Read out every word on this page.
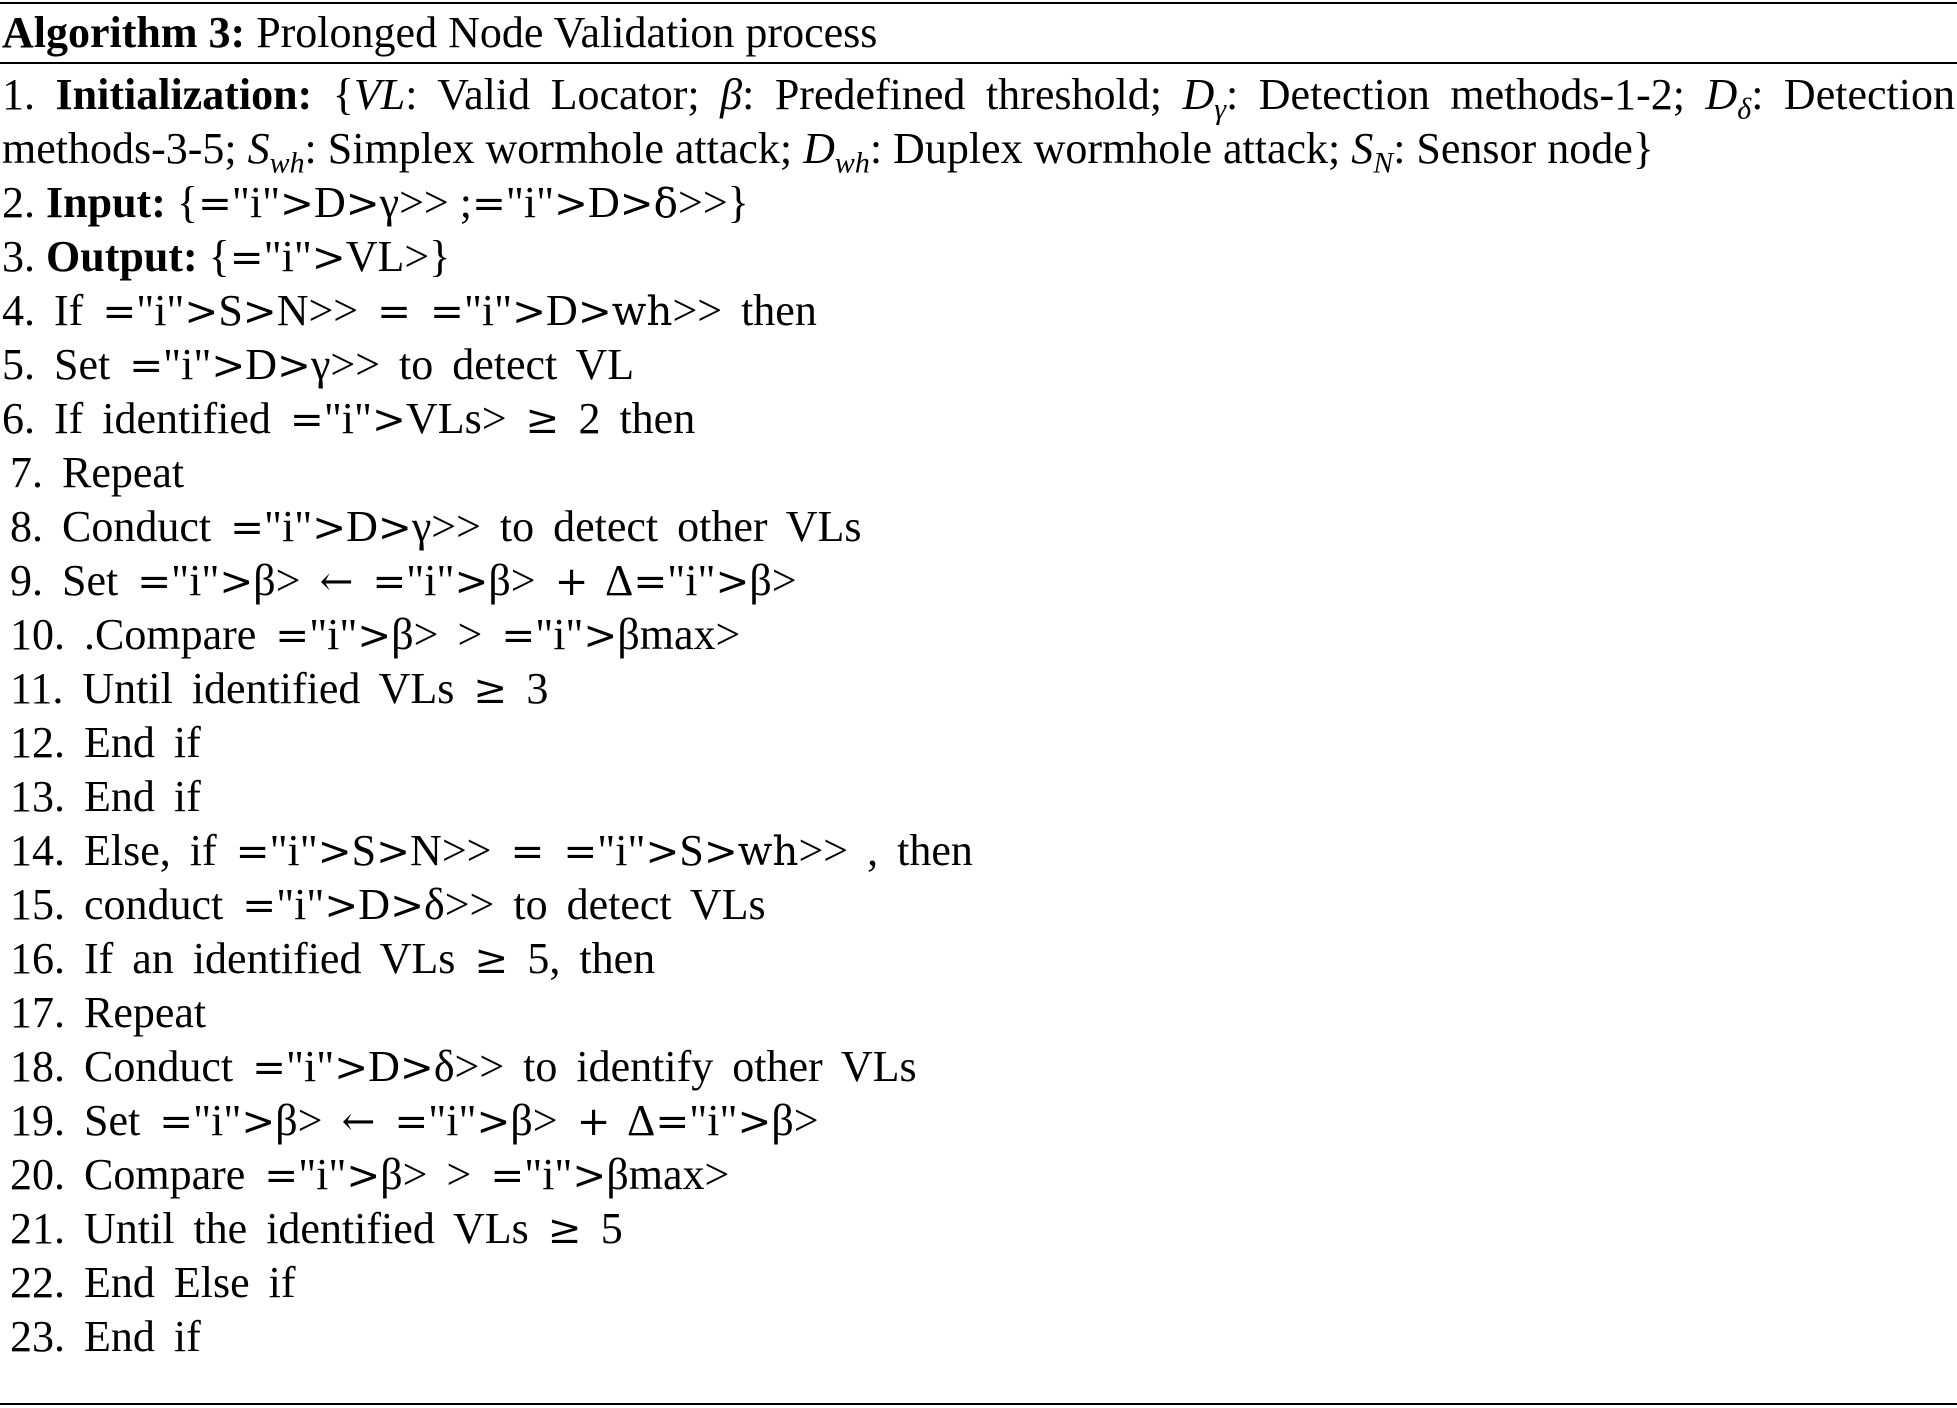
Algorithm 3: Prolonged Node Validation process

1. Initialization: {VL: Valid Locator; β: Predefined threshold; $D_\gamma$: Detection methods-1-2; $D_\delta$: Detection methods-3-5; $S_{wh}$: Simplex wormhole attack; $D_{wh}$: Duplex wormhole attack; $S_N$: Sensor node}

2. Input: {="i">D>γ>> ;="i">D>δ>>}
3. Output: {="i">VL>}
4. If ="i">S>N>> = ="i">D>wh>> then
5. Set ="i">D>γ>> to detect VL
6. If identified ="i">VLs> ≥ 2 then
7. Repeat
8. Conduct ="i">D>γ>> to detect other VLs
9. Set ="i">β> ← ="i">β> + Δ="i">β>
10. .Compare ="i">β> > ="i">βmax>
11. Until identified VLs ≥ 3
12. End if
13. End if
14. Else, if ="i">S>N>> = ="i">S>wh>> , then
15. conduct ="i">D>δ>> to detect VLs
16. If an identified VLs ≥ 5, then
17. Repeat
18. Conduct ="i">D>δ>> to identify other VLs
19. Set ="i">β> ← ="i">β> + Δ="i">β>
20. Compare ="i">β> > ="i">βmax>
21. Until the identified VLs ≥ 5
22. End Else if
23. End if
